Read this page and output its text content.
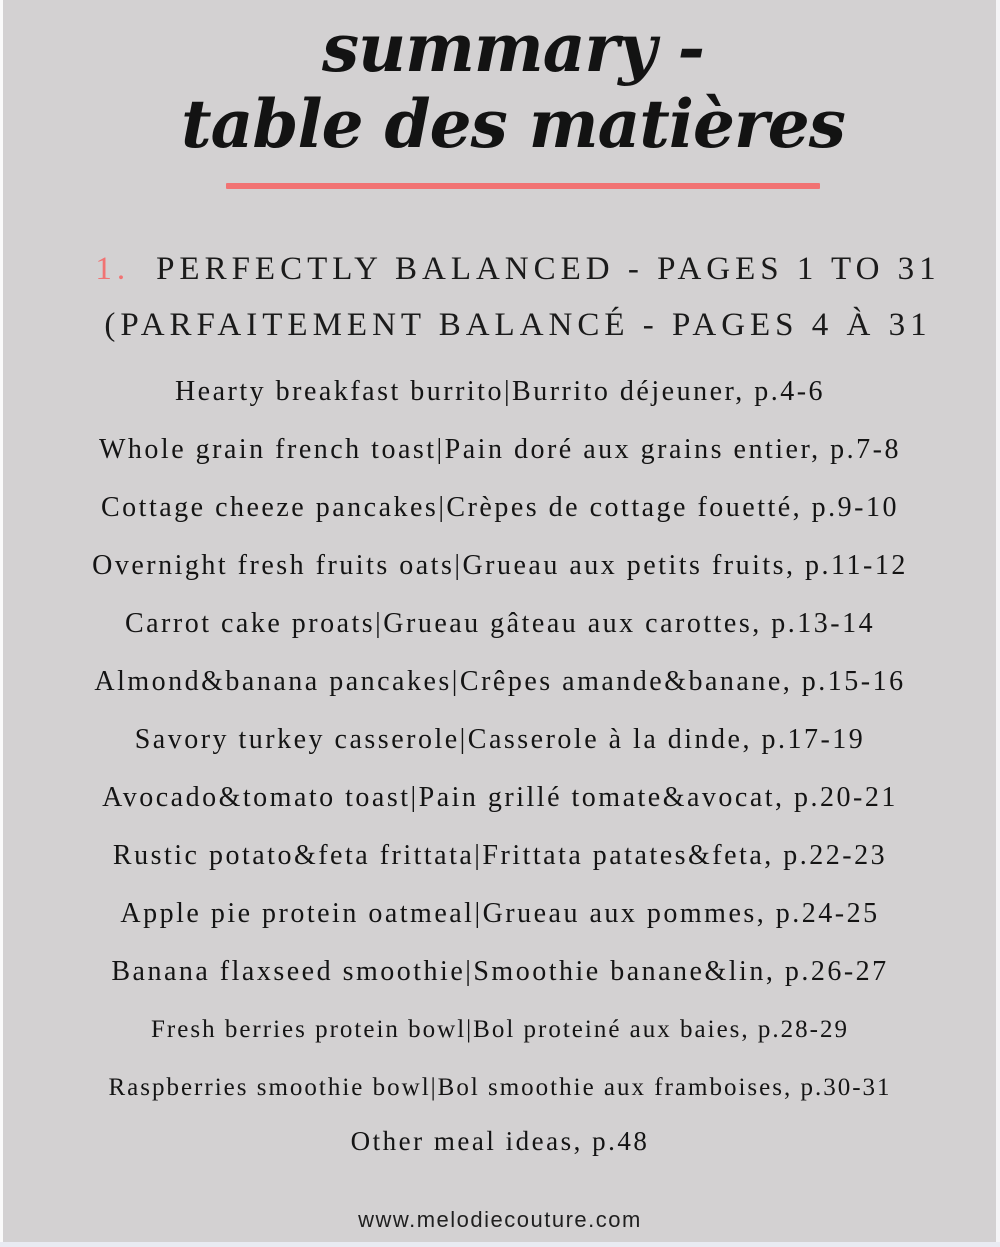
summary -
table des matières
1. PERFECTLY BALANCED - PAGES 1 TO 31
(PARFAITEMENT BALANCÉ - PAGES 4 À 31
Hearty breakfast burrito|Burrito déjeuner, p.4-6
Whole grain french toast|Pain doré aux grains entier, p.7-8
Cottage cheeze pancakes|Crèpes de cottage fouetté, p.9-10
Overnight fresh fruits oats|Grueau aux petits fruits, p.11-12
Carrot cake proats|Grueau gâteau aux carottes, p.13-14
Almond&banana pancakes|Crêpes amande&banane, p.15-16
Savory turkey casserole|Casserole à la dinde, p.17-19
Avocado&tomato toast|Pain grillé tomate&avocat, p.20-21
Rustic potato&feta frittata|Frittata patates&feta, p.22-23
Apple pie protein oatmeal|Grueau aux pommes, p.24-25
Banana flaxseed smoothie|Smoothie banane&lin, p.26-27
Fresh berries protein bowl|Bol proteiné aux baies, p.28-29
Raspberries smoothie bowl|Bol smoothie aux framboises, p.30-31
Other meal ideas, p.48
www.melodiecouture.com
